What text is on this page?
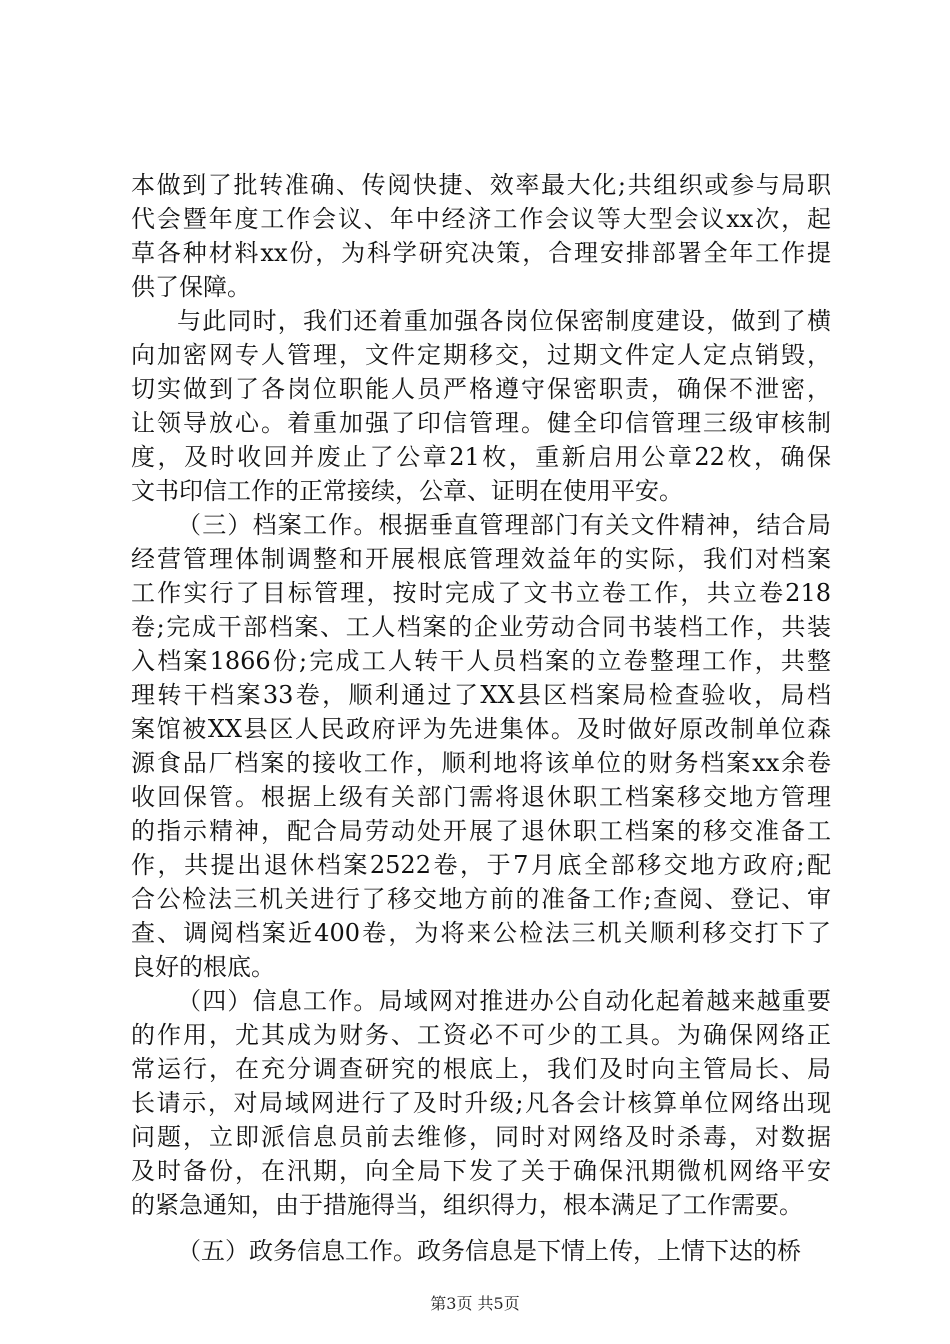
本做到了批转准确、传阅快捷、效率最大化;共组织或参与局职
代会暨年度工作会议、年中经济工作会议等大型会议xx次，起
草各种材料xx份，为科学研究决策，合理安排部署全年工作提
供了保障。
与此同时，我们还着重加强各岗位保密制度建设，做到了横
向加密网专人管理，文件定期移交，过期文件定人定点销毁，
切实做到了各岗位职能人员严格遵守保密职责，确保不泄密，
让领导放心。着重加强了印信管理。健全印信管理三级审核制
度，及时收回并废止了公章21枚，重新启用公章22枚，确保
文书印信工作的正常接续，公章、证明在使用平安。
（三）档案工作。根据垂直管理部门有关文件精神，结合局
经营管理体制调整和开展根底管理效益年的实际，我们对档案
工作实行了目标管理，按时完成了文书立卷工作，共立卷218
卷;完成干部档案、工人档案的企业劳动合同书装档工作，共装
入档案1866份;完成工人转干人员档案的立卷整理工作，共整
理转干档案33卷，顺利通过了XX县区档案局检查验收，局档
案馆被XX县区人民政府评为先进集体。及时做好原改制单位森
源食品厂档案的接收工作，顺利地将该单位的财务档案xx余卷
收回保管。根据上级有关部门需将退休职工档案移交地方管理
的指示精神，配合局劳动处开展了退休职工档案的移交准备工
作，共提出退休档案2522卷，于7月底全部移交地方政府;配
合公检法三机关进行了移交地方前的准备工作;查阅、登记、审
查、调阅档案近400卷，为将来公检法三机关顺利移交打下了
良好的根底。
（四）信息工作。局域网对推进办公自动化起着越来越重要
的作用，尤其成为财务、工资必不可少的工具。为确保网络正
常运行，在充分调查研究的根底上，我们及时向主管局长、局
长请示，对局域网进行了及时升级;凡各会计核算单位网络出现
问题，立即派信息员前去维修，同时对网络及时杀毒，对数据
及时备份，在汛期，向全局下发了关于确保汛期微机网络平安
的紧急通知，由于措施得当，组织得力，根本满足了工作需要。
（五）政务信息工作。政务信息是下情上传，上情下达的桥
第3页 共5页
